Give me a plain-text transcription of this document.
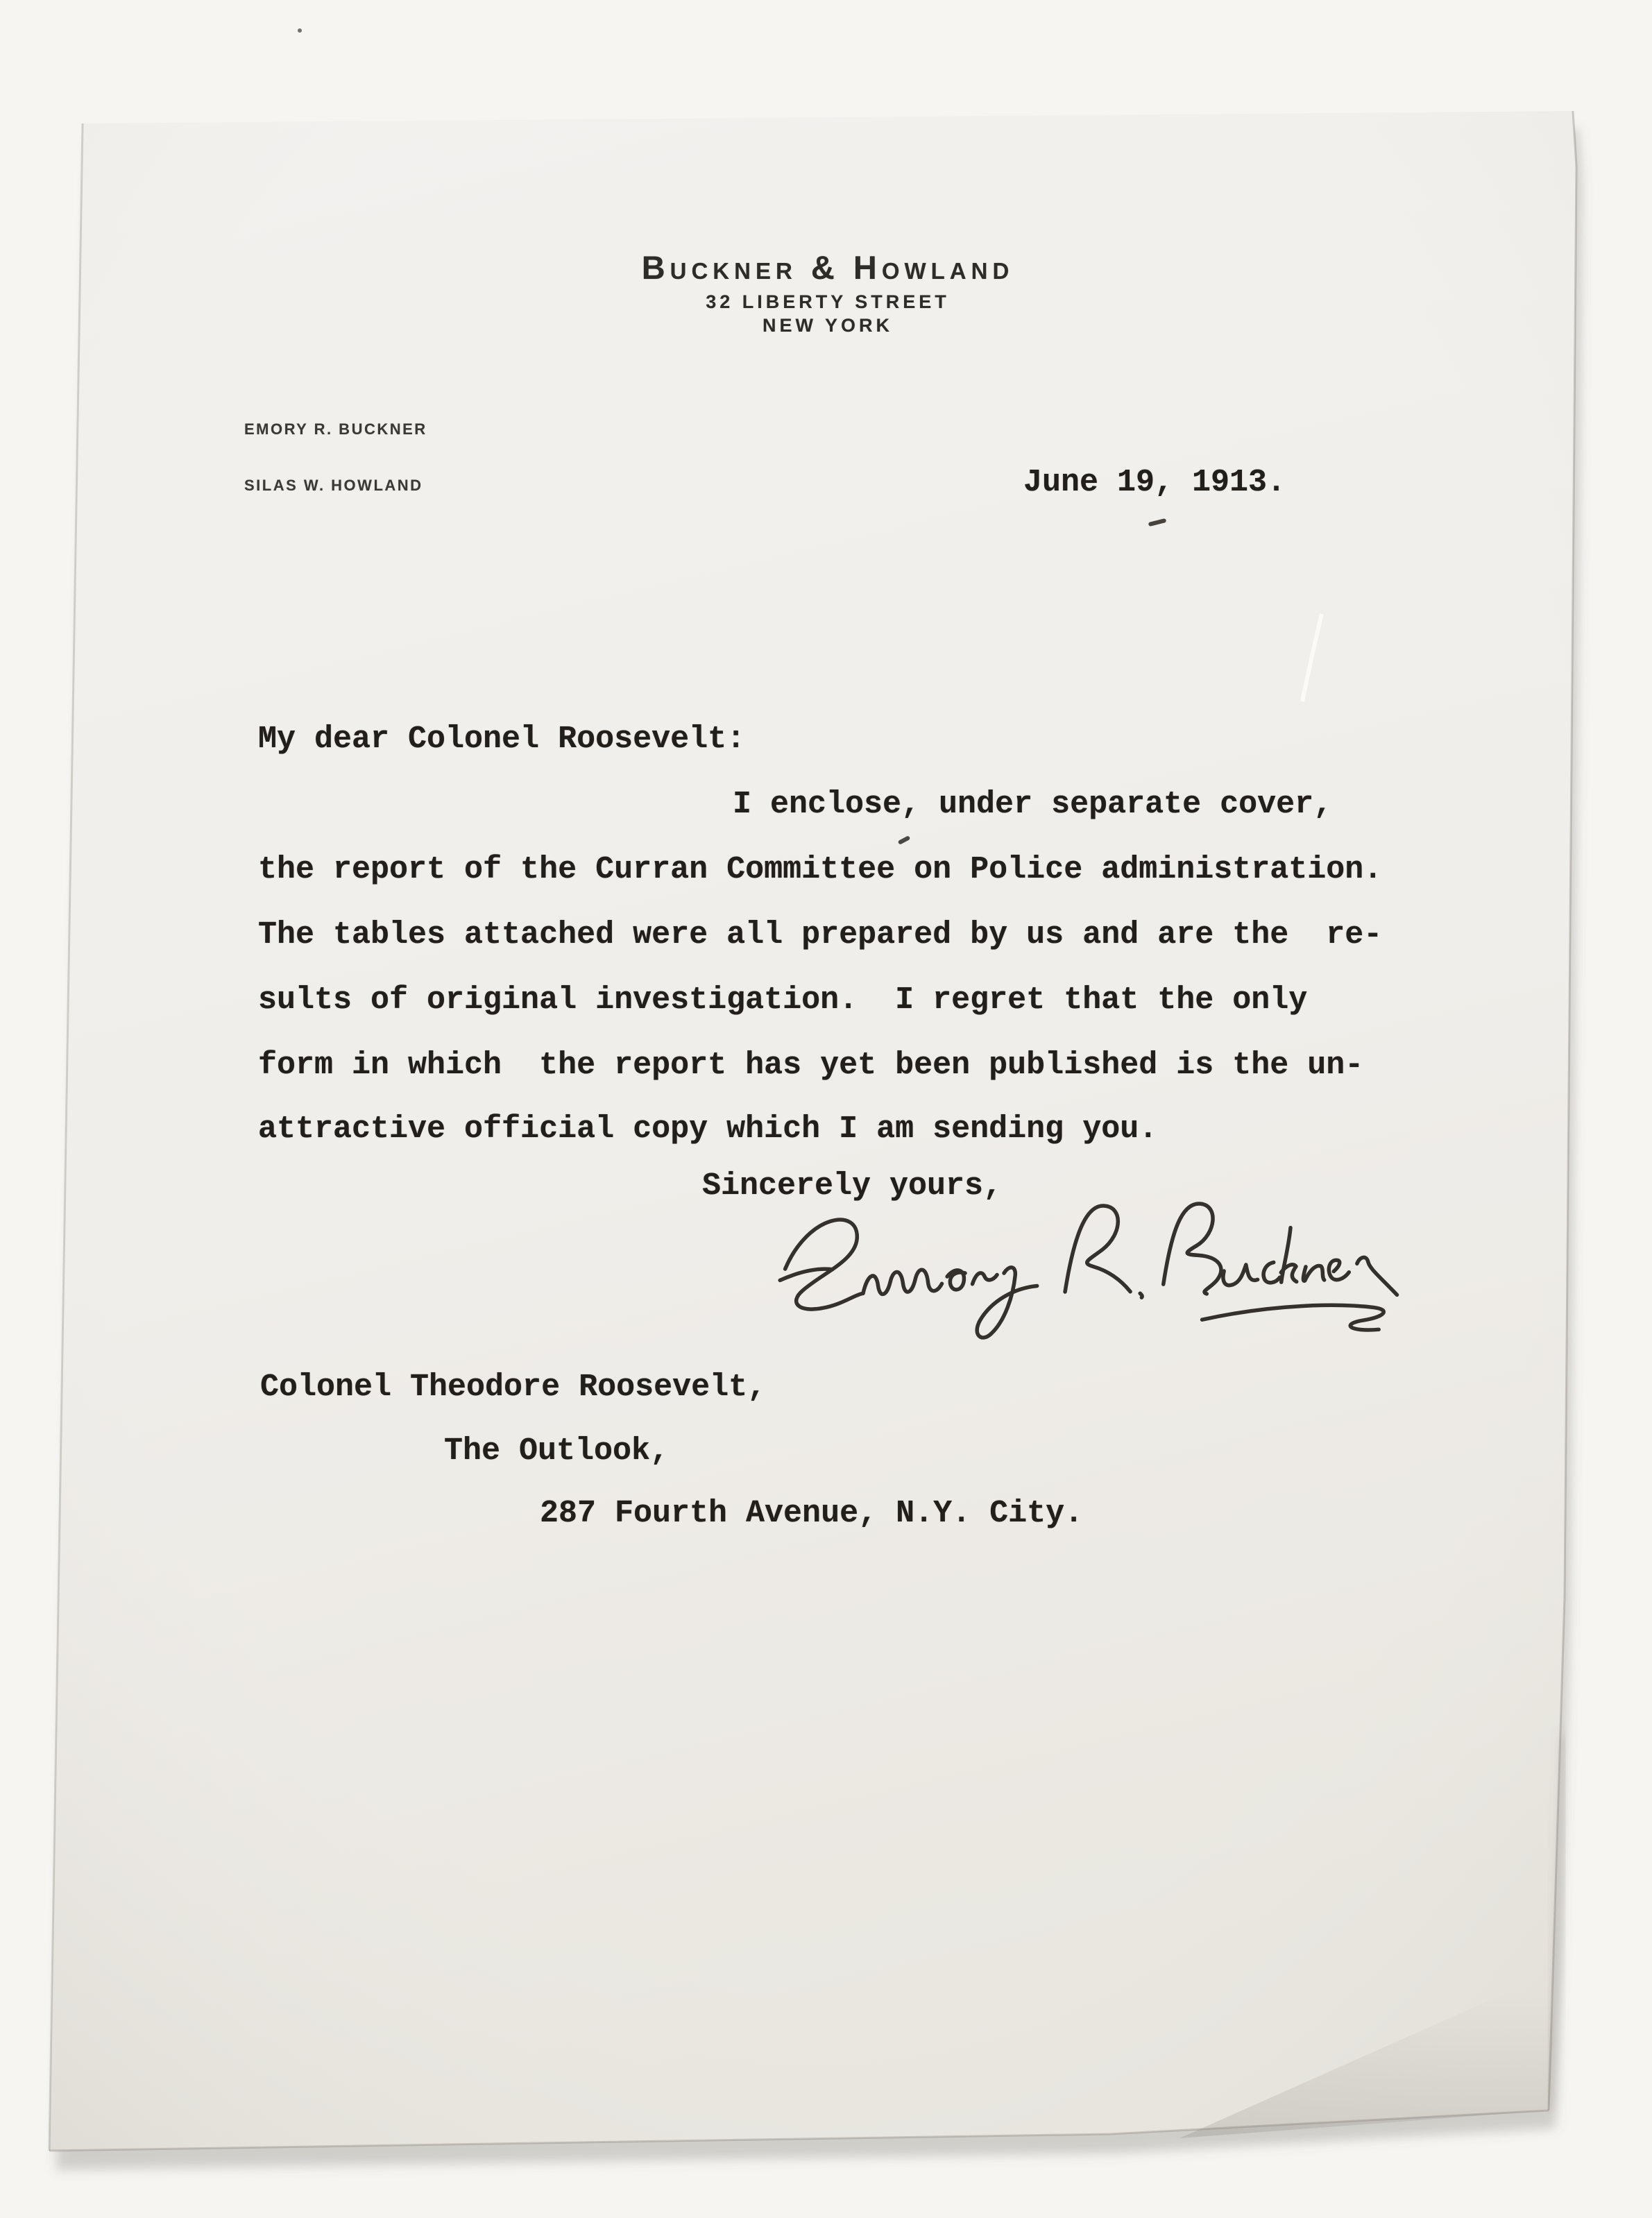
Buckner & Howland
32 LIBERTY STREET
NEW YORK

EMORY R. BUCKNER

SILAS W. HOWLAND

	June 19, 1913.
My dear Colonel Roosevelt:
I enclose, under separate cover,
the report of the Curran Committee on Police administration.
The tables attached were all prepared by us and are the  re-
sults of original investigation.  I regret that the only
form in which  the report has yet been published is the un-
attractive official copy which I am sending you.
Sincerely yours,
Colonel Theodore Roosevelt,
The Outlook,
287 Fourth Avenue, N.Y. City.
